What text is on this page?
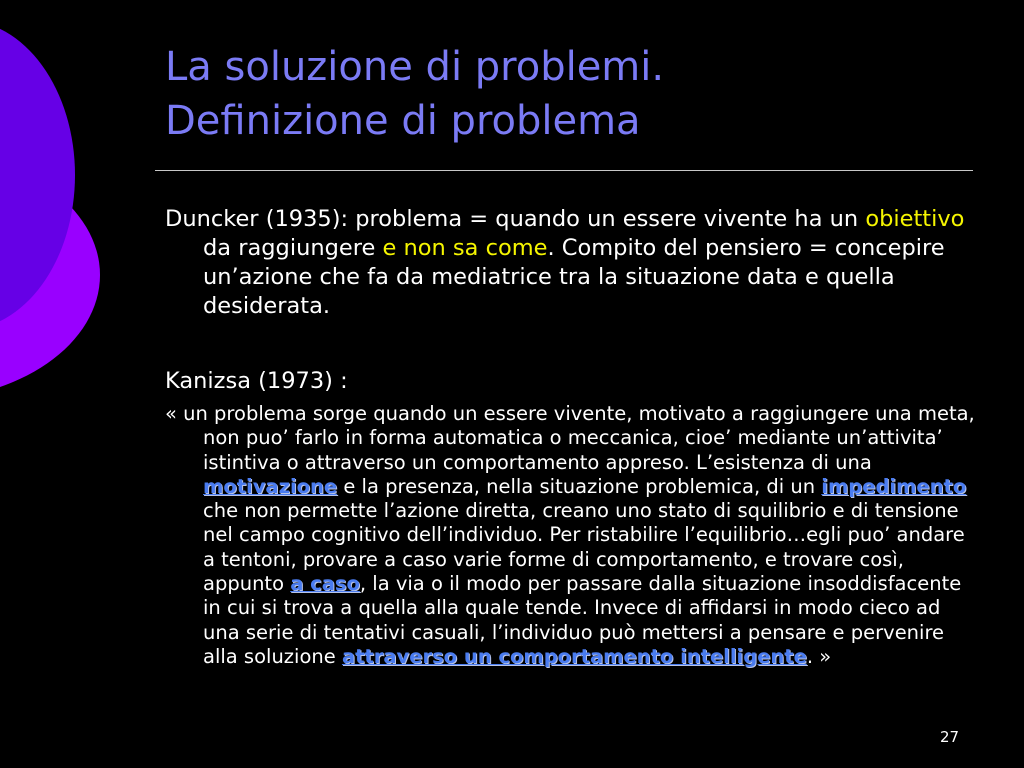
La soluzione di problemi.
Definizione di problema

Duncker (1935): problema = quando un essere vivente ha un obiettivo da raggiungere e non sa come. Compito del pensiero = concepire un’azione che fa da mediatrice tra la situazione data e quella desiderata.

Kanizsa (1973) :

« un problema sorge quando un essere vivente, motivato a raggiungere una meta, non puo’ farlo in forma automatica o meccanica, cioe’ mediante un’attivita’ istintiva o attraverso un comportamento appreso. L’esistenza di una motivazione e la presenza, nella situazione problemica, di un impedimento che non permette l’azione diretta, creano uno stato di squilibrio e di tensione nel campo cognitivo dell’individuo. Per ristabilire l’equilibrio…egli puo’ andare a tentoni, provare a caso varie forme di comportamento, e trovare così, appunto a caso, la via o il modo per passare dalla situazione insoddisfacente in cui si trova a quella alla quale tende. Invece di affidarsi in modo cieco ad una serie di tentativi casuali, l’individuo può mettersi a pensare e pervenire alla soluzione attraverso un comportamento intelligente. »

27
